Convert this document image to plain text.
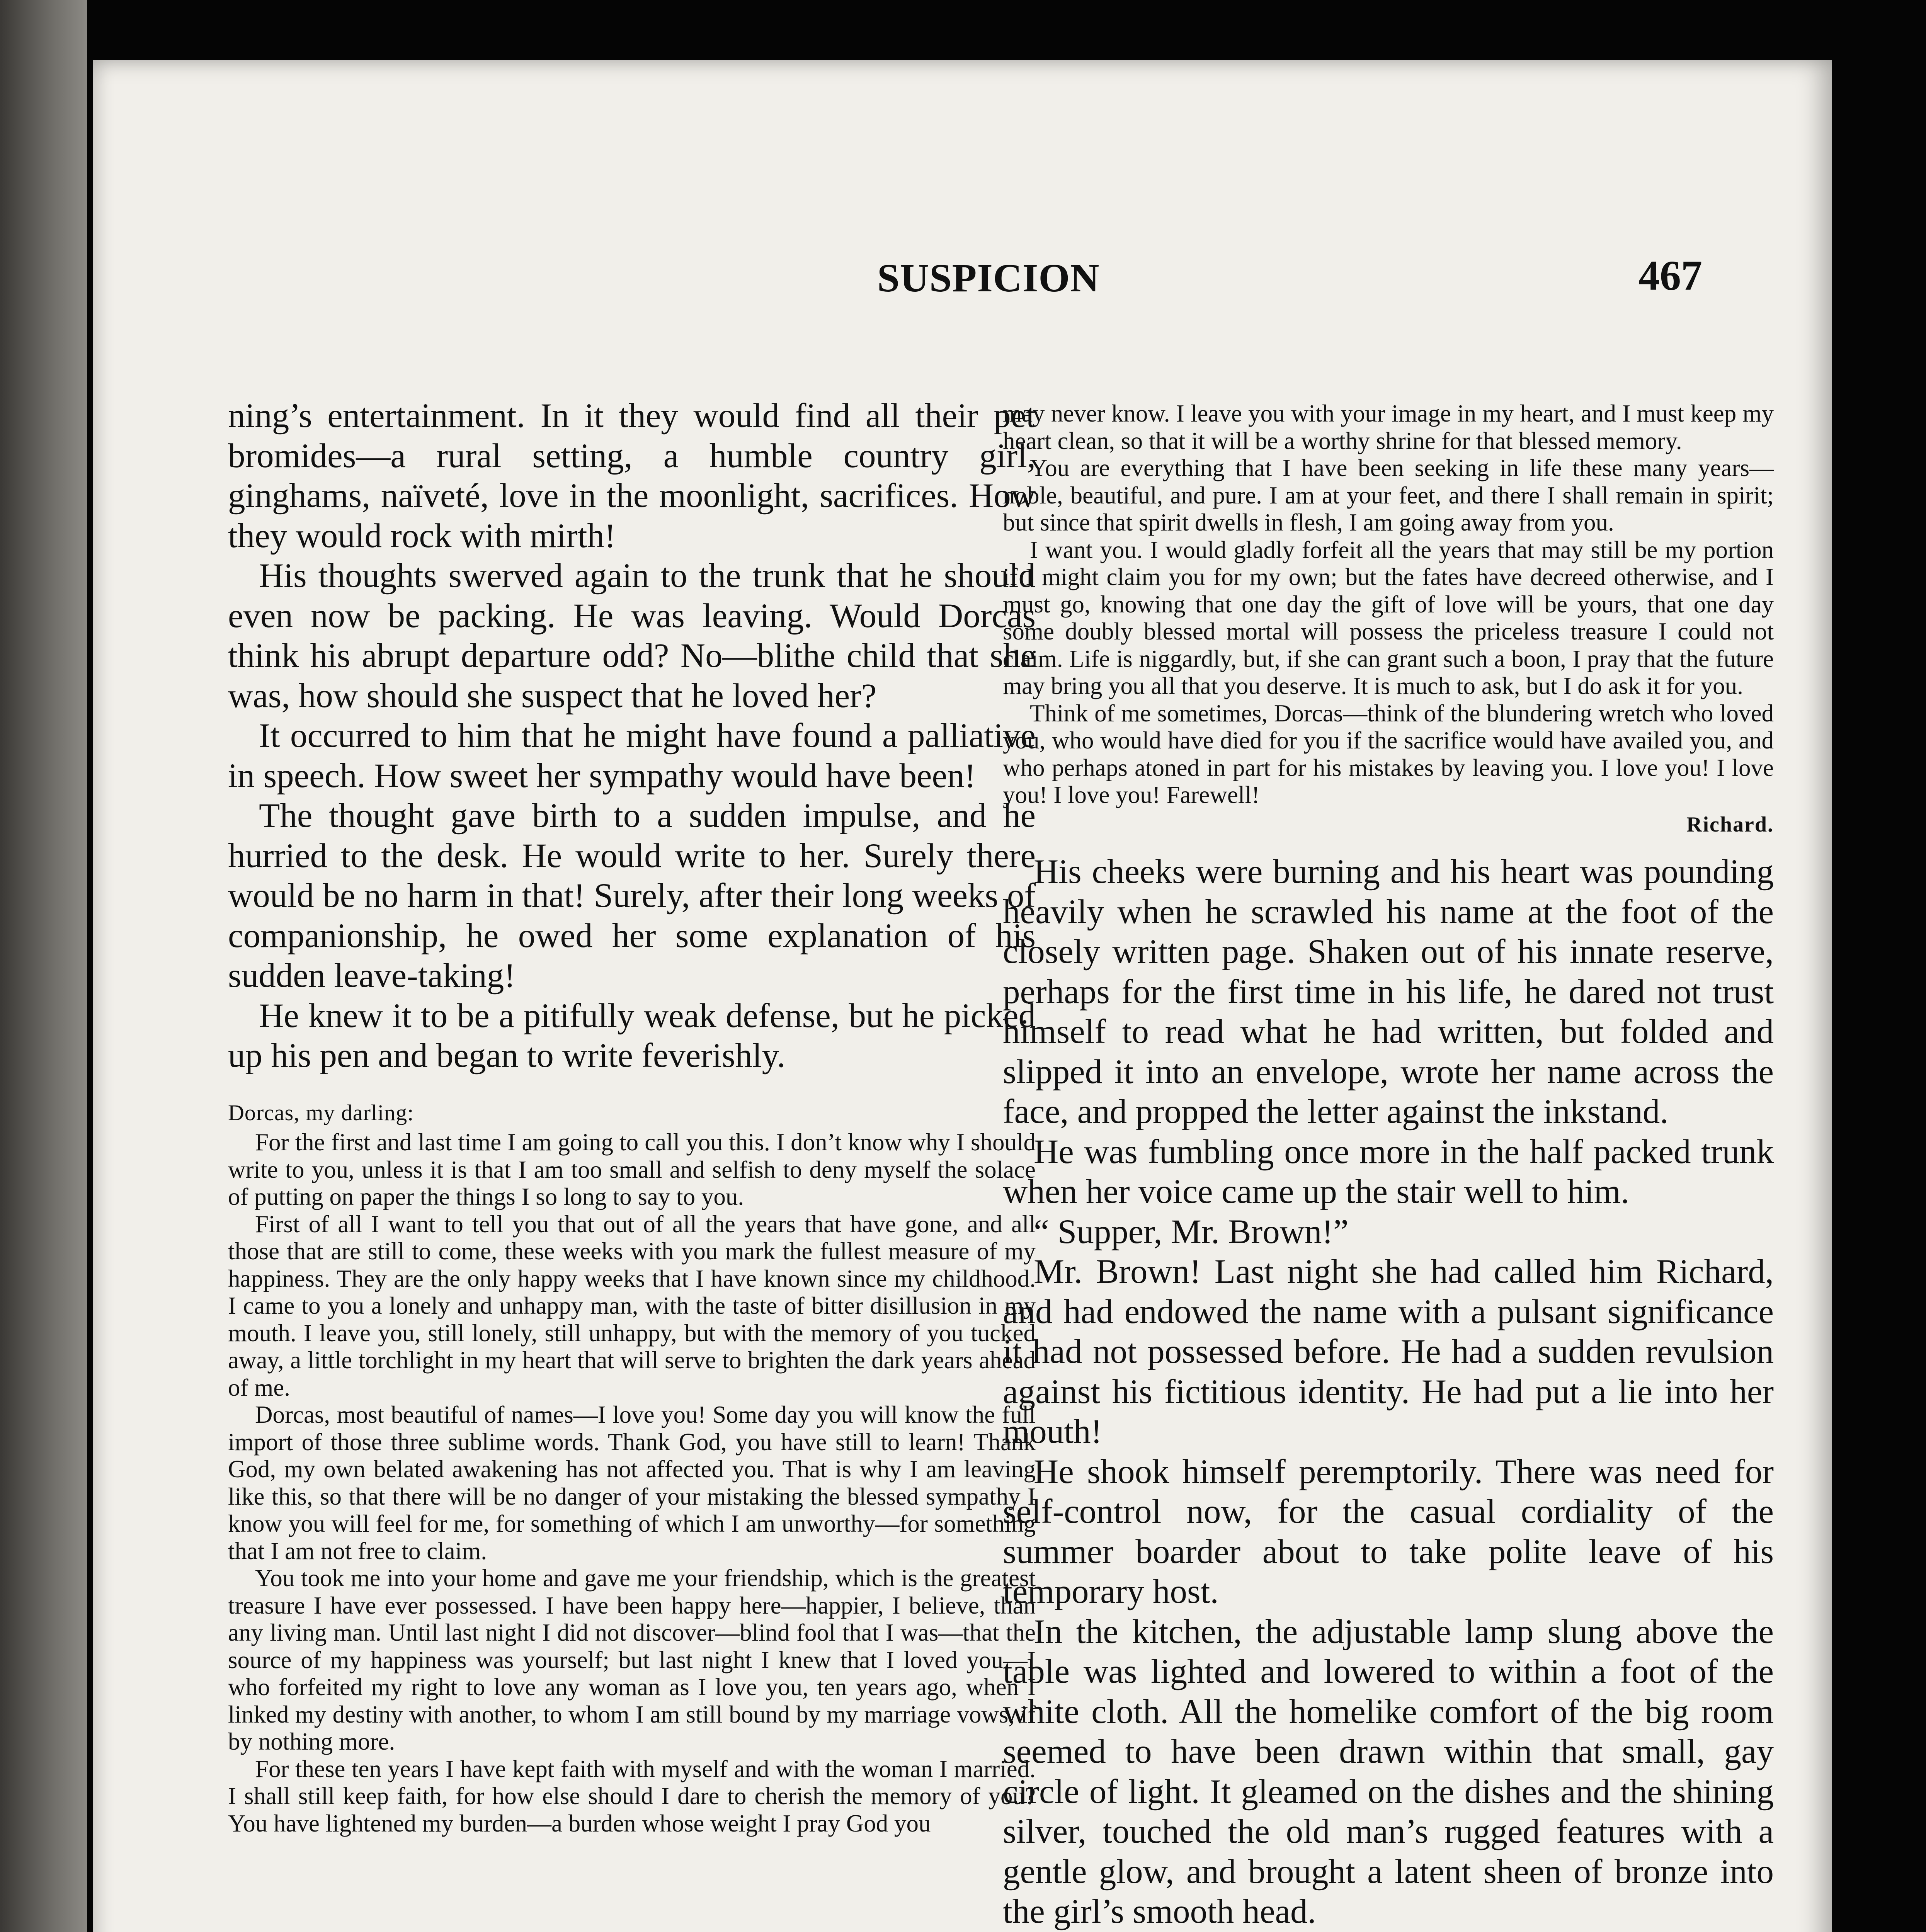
SUSPICION	467

ning’s entertainment. In it they would find all their pet bromides—a rural setting, a humble country girl, ginghams, naïveté, love in the moonlight, sacrifices. How they would rock with mirth!

His thoughts swerved again to the trunk that he should even now be packing. He was leaving. Would Dorcas think his abrupt departure odd? No—blithe child that she was, how should she suspect that he loved her?

It occurred to him that he might have found a palliative in speech. How sweet her sympathy would have been!

The thought gave birth to a sudden impulse, and he hurried to the desk. He would write to her. Surely there would be no harm in that! Surely, after their long weeks of companionship, he owed her some explanation of his sudden leave-taking!

He knew it to be a pitifully weak defense, but he picked up his pen and began to write feverishly.

Dorcas, my darling:

For the first and last time I am going to call you this. I don’t know why I should write to you, unless it is that I am too small and selfish to deny myself the solace of putting on paper the things I so long to say to you.

First of all I want to tell you that out of all the years that have gone, and all those that are still to come, these weeks with you mark the fullest measure of my happiness. They are the only happy weeks that I have known since my childhood. I came to you a lonely and unhappy man, with the taste of bitter disillusion in my mouth. I leave you, still lonely, still unhappy, but with the memory of you tucked away, a little torchlight in my heart that will serve to brighten the dark years ahead of me.

Dorcas, most beautiful of names—I love you! Some day you will know the full import of those three sublime words. Thank God, you have still to learn! Thank God, my own belated awakening has not affected you. That is why I am leaving like this, so that there will be no danger of your mistaking the blessed sympathy I know you will feel for me, for something of which I am unworthy—for something that I am not free to claim.

You took me into your home and gave me your friendship, which is the greatest treasure I have ever possessed. I have been happy here—happier, I believe, than any living man. Until last night I did not discover—blind fool that I was—that the source of my happiness was yourself; but last night I knew that I loved you—I who forfeited my right to love any woman as I love you, ten years ago, when I linked my destiny with another, to whom I am still bound by my marriage vows, if by nothing more.

For these ten years I have kept faith with myself and with the woman I married. I shall still keep faith, for how else should I dare to cherish the memory of you? You have lightened my burden—a burden whose weight I pray God you

may never know. I leave you with your image in my heart, and I must keep my heart clean, so that it will be a worthy shrine for that blessed memory.

You are everything that I have been seeking in life these many years—noble, beautiful, and pure. I am at your feet, and there I shall remain in spirit; but since that spirit dwells in flesh, I am going away from you.

I want you. I would gladly forfeit all the years that may still be my portion if I might claim you for my own; but the fates have decreed otherwise, and I must go, knowing that one day the gift of love will be yours, that one day some doubly blessed mortal will possess the priceless treasure I could not claim. Life is niggardly, but, if she can grant such a boon, I pray that the future may bring you all that you deserve. It is much to ask, but I do ask it for you.

Think of me sometimes, Dorcas—think of the blundering wretch who loved you, who would have died for you if the sacrifice would have availed you, and who perhaps atoned in part for his mistakes by leaving you. I love you! I love you! I love you! Farewell!

Richard.

His cheeks were burning and his heart was pounding heavily when he scrawled his name at the foot of the closely written page. Shaken out of his innate reserve, perhaps for the first time in his life, he dared not trust himself to read what he had written, but folded and slipped it into an envelope, wrote her name across the face, and propped the letter against the inkstand.

He was fumbling once more in the half packed trunk when her voice came up the stair well to him.

“ Supper, Mr. Brown!”

Mr. Brown! Last night she had called him Richard, and had endowed the name with a pulsant significance it had not possessed before. He had a sudden revulsion against his fictitious identity. He had put a lie into her mouth!

He shook himself peremptorily. There was need for self-control now, for the casual cordiality of the summer boarder about to take polite leave of his temporary host.

In the kitchen, the adjustable lamp slung above the table was lighted and lowered to within a foot of the white cloth. All the homelike comfort of the big room seemed to have been drawn within that small, gay circle of light. It gleamed on the dishes and the shining silver, touched the old man’s rugged features with a gentle glow, and brought a latent sheen of bronze into the girl’s smooth head.
